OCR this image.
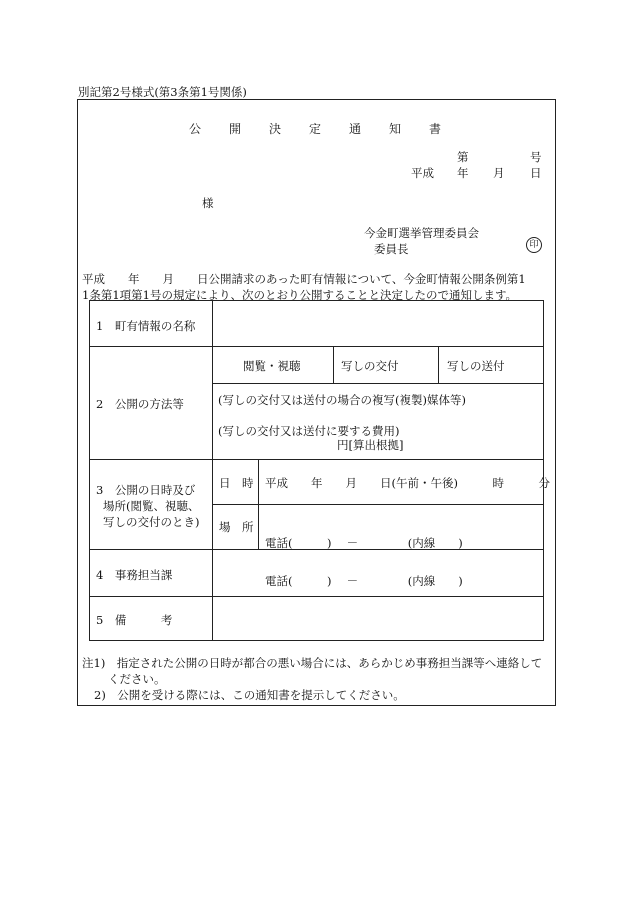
別記第2号様式(第3条第1号関係)
公 開 決 定 通 知 書
第	号
平成 年 月 日
様
今金町選挙管理委員会
委員長	印
平成　　年　　月　　日公開請求のあった町有情報について、今金町情報公開条例第1
1条第1項第1号の規定により、次のとおり公開することと決定したので通知します。
1　町有情報の名称
2　公開の方法等
閲覧・視聴	写しの交付	写しの送付
(写しの交付又は送付の場合の複写(複製)媒体等)
(写しの交付又は送付に要する費用)
円[算出根拠]
3　公開の日時及び
場所(閲覧、視聴、
写しの交付のとき)
日　時 平成　　年　　月　　日(午前・午後)　　　時　　　分
場　所
電話(　　　)　 －　　　　 (内線　　)
4　事務担当課	電話(　　　)　 －　　　　 (内線　　)
5　備　　　考
注1)　指定された公開の日時が都合の悪い場合には、あらかじめ事務担当課等へ連絡して
ください。
2)　公開を受ける際には、この通知書を提示してください。
